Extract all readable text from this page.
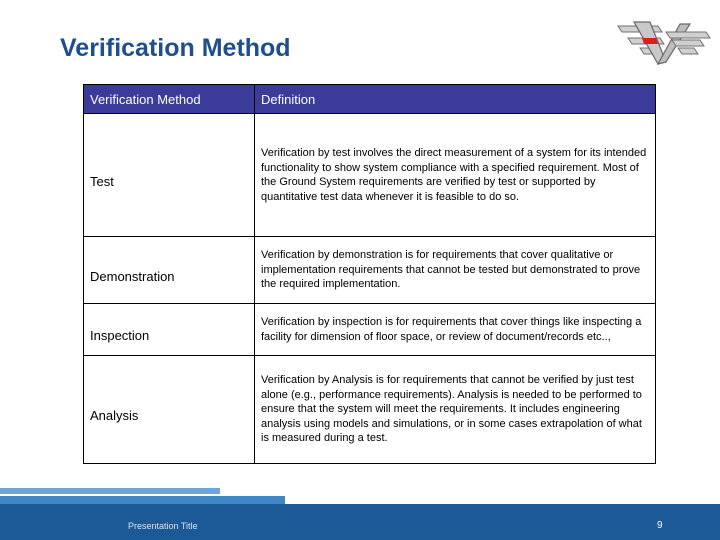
Verification Method
Verification Method	Definition
Test	Verification by test involves the direct measurement of a system for its intended functionality to show system compliance with a specified requirement. Most of the Ground System requirements are verified by test or supported by quantitative test data whenever it is feasible to do so.
Demonstration	Verification by demonstration is for requirements that cover qualitative or implementation requirements that cannot be tested but demonstrated to prove the required implementation.
Inspection	Verification by inspection is for requirements that cover things like inspecting a facility for dimension of floor space, or review of document/records etc..,
Analysis	Verification by Analysis is for requirements that cannot be verified by just test alone (e.g., performance requirements). Analysis is needed to be performed to ensure that the system will meet the requirements. It includes engineering analysis using models and simulations, or in some cases extrapolation of what is measured during a test.
Presentation Title	9
